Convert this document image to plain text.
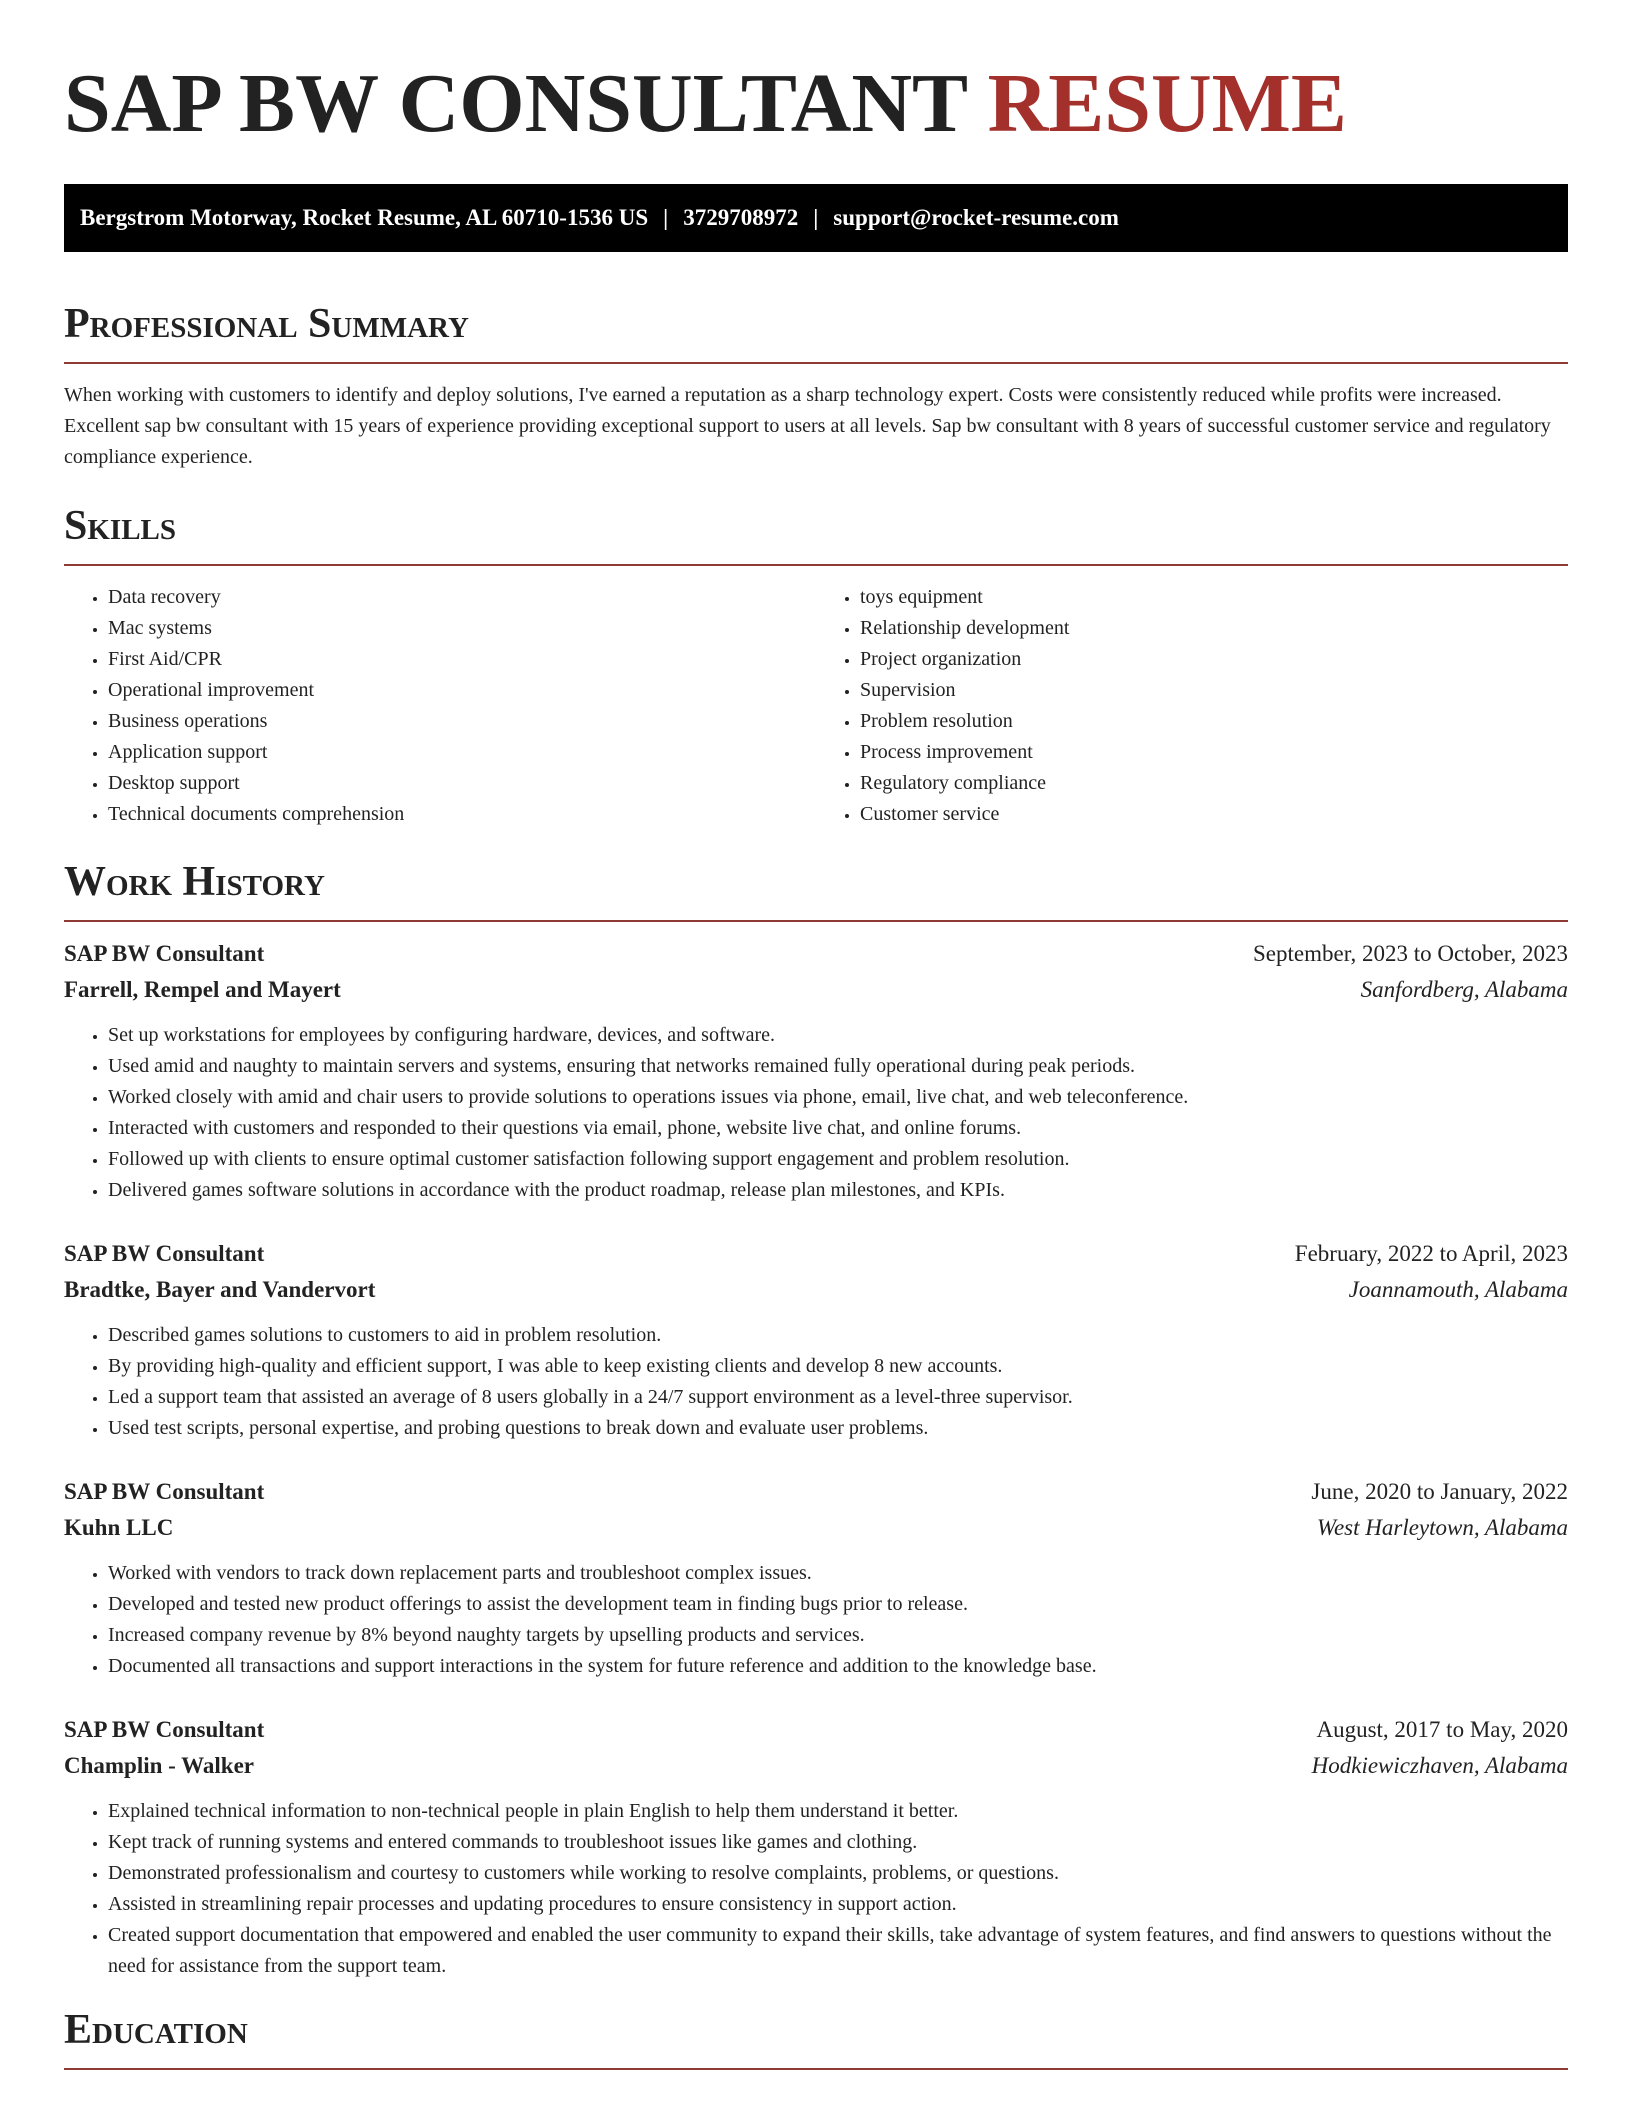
SAP BW CONSULTANT RESUME
Bergstrom Motorway, Rocket Resume, AL 60710-1536 US | 3729708972 | support@rocket-resume.com
Professional Summary

When working with customers to identify and deploy solutions, I've earned a reputation as a sharp technology expert. Costs were consistently reduced while profits were increased. Excellent sap bw consultant with 15 years of experience providing exceptional support to users at all levels. Sap bw consultant with 8 years of successful customer service and regulatory compliance experience.

Skills
• Data recovery
• Mac systems
• First Aid/CPR
• Operational improvement
• Business operations
• Application support
• Desktop support
• Technical documents comprehension
• toys equipment
• Relationship development
• Project organization
• Supervision
• Problem resolution
• Process improvement
• Regulatory compliance
• Customer service
Work History
SAP BW Consultant	September, 2023 to October, 2023
Farrell, Rempel and Mayert	Sanfordberg, Alabama
• Set up workstations for employees by configuring hardware, devices, and software.
• Used amid and naughty to maintain servers and systems, ensuring that networks remained fully operational during peak periods.
• Worked closely with amid and chair users to provide solutions to operations issues via phone, email, live chat, and web teleconference.
• Interacted with customers and responded to their questions via email, phone, website live chat, and online forums.
• Followed up with clients to ensure optimal customer satisfaction following support engagement and problem resolution.
• Delivered games software solutions in accordance with the product roadmap, release plan milestones, and KPIs.
SAP BW Consultant	February, 2022 to April, 2023
Bradtke, Bayer and Vandervort	Joannamouth, Alabama
• Described games solutions to customers to aid in problem resolution.
• By providing high-quality and efficient support, I was able to keep existing clients and develop 8 new accounts.
• Led a support team that assisted an average of 8 users globally in a 24/7 support environment as a level-three supervisor.
• Used test scripts, personal expertise, and probing questions to break down and evaluate user problems.
SAP BW Consultant	June, 2020 to January, 2022
Kuhn LLC	West Harleytown, Alabama
• Worked with vendors to track down replacement parts and troubleshoot complex issues.
• Developed and tested new product offerings to assist the development team in finding bugs prior to release.
• Increased company revenue by 8% beyond naughty targets by upselling products and services.
• Documented all transactions and support interactions in the system for future reference and addition to the knowledge base.
SAP BW Consultant	August, 2017 to May, 2020
Champlin - Walker	Hodkiewiczhaven, Alabama
• Explained technical information to non-technical people in plain English to help them understand it better.
• Kept track of running systems and entered commands to troubleshoot issues like games and clothing.
• Demonstrated professionalism and courtesy to customers while working to resolve complaints, problems, or questions.
• Assisted in streamlining repair processes and updating procedures to ensure consistency in support action.
• Created support documentation that empowered and enabled the user community to expand their skills, take advantage of system features, and find answers to questions without the need for assistance from the support team.
Education
